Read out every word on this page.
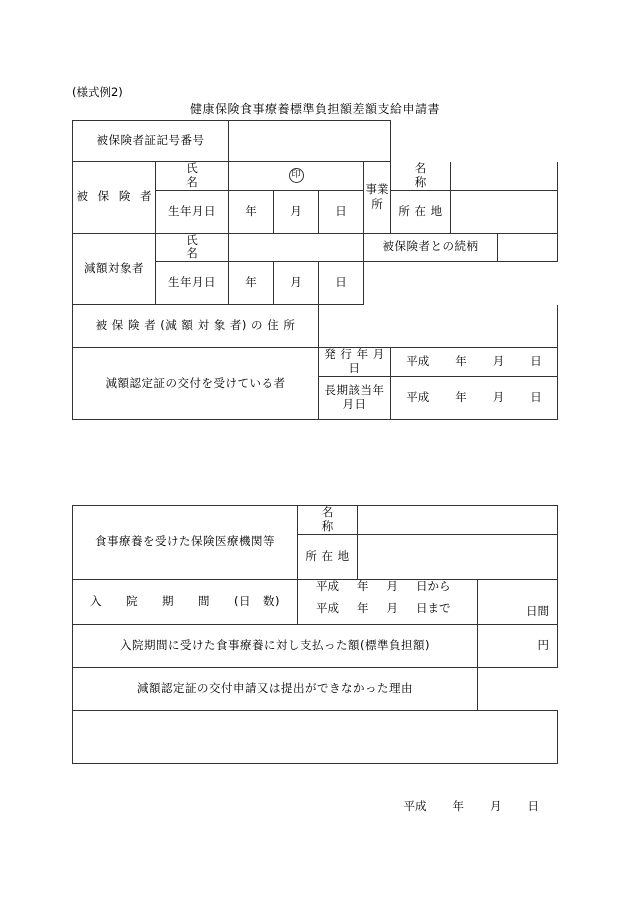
(様式例2)
健康保険食事療養標準負担額差額支給申請書
被保険者証記号番号								
被 保 険 者	氏　　　名	印			事業所	名　　称		
	生年月日	年	月	日		所 在 地		
減額対象者	氏　　　名				被保険者との続柄			
	生年月日	年	月	日				
被 保 険 者 (減 額 対 象 者) の 住 所								
減額認定証の交付を受けている者				発 行 年 月 日		平成 年 月 日		
				長期該当年月日		平成 年 月 日		
食事療養を受けた保険医療機関等	名　　称		
	所 在 地		
入　　院　　期　　間　　(日　数)	平成 年 月 日から		日間
	平成 年 月 日まで		
入院期間に受けた食事療養に対し支払った額(標準負担額)			円
減額認定証の交付申請又は提出ができなかった理由			

平成 年 月 日
